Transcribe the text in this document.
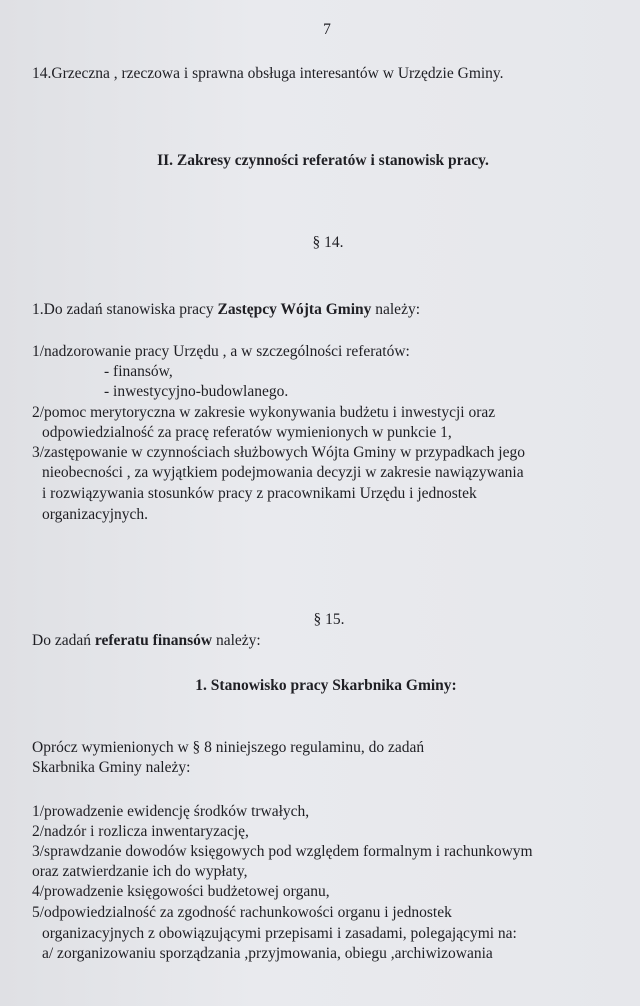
7
14.Grzeczna , rzeczowa i sprawna obsługa interesantów w Urzędzie Gminy.
II. Zakresy czynności referatów i stanowisk pracy.
§ 14.
1.Do zadań stanowiska pracy Zastępcy Wójta Gminy należy:
1/nadzorowanie pracy Urzędu , a w szczególności referatów:
- finansów,
- inwestycyjno-budowlanego.
2/pomoc merytoryczna w zakresie wykonywania budżetu i inwestycji oraz
odpowiedzialność za pracę referatów wymienionych w punkcie 1,
3/zastępowanie w czynnościach służbowych Wójta Gminy w przypadkach jego
nieobecności , za wyjątkiem podejmowania decyzji w zakresie nawiązywania
i rozwiązywania stosunków pracy z pracownikami Urzędu i jednostek
organizacyjnych.
§ 15.
Do zadań referatu finansów należy:
1. Stanowisko pracy Skarbnika Gminy:
Oprócz wymienionych w § 8 niniejszego regulaminu, do zadań
Skarbnika Gminy należy:
1/prowadzenie ewidencję środków trwałych,
2/nadzór i rozlicza inwentaryzację,
3/sprawdzanie dowodów księgowych pod względem formalnym i rachunkowym
oraz zatwierdzanie ich do wypłaty,
4/prowadzenie księgowości budżetowej organu,
5/odpowiedzialność za zgodność rachunkowości organu i jednostek
organizacyjnych z obowiązującymi przepisami i zasadami, polegającymi na:
a/ zorganizowaniu sporządzania ,przyjmowania, obiegu ,archiwizowania
